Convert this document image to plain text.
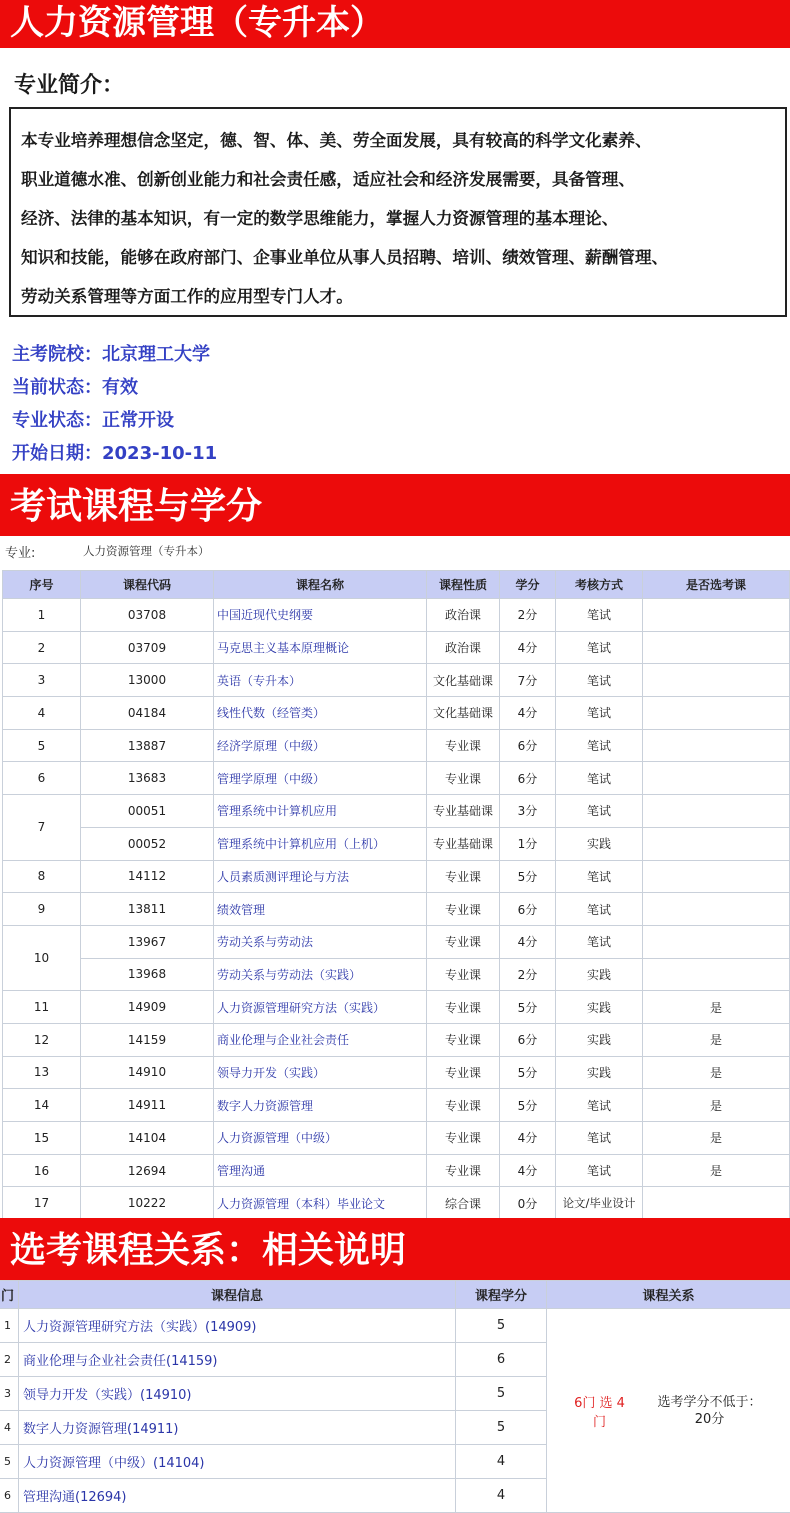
人力资源管理（专升本）
专业简介：
本专业培养理想信念坚定，德、智、体、美、劳全面发展，具有较高的科学文化素养、
职业道德水准、创新创业能力和社会责任感，适应社会和经济发展需要，具备管理、
经济、法律的基本知识，有一定的数学思维能力，掌握人力资源管理的基本理论、
知识和技能，能够在政府部门、企事业单位从事人员招聘、培训、绩效管理、薪酬管理、
劳动关系管理等方面工作的应用型专门人才。
主考院校：北京理工大学
当前状态：有效
专业状态：正常开设
开始日期：2023-10-11
考试课程与学分
专业:	人力资源管理（专升本）
序号	课程代码	课程名称	课程性质	学分	考核方式	是否选考课
1	03708	中国近现代史纲要	政治课	2分	笔试	
2	03709	马克思主义基本原理概论	政治课	4分	笔试	
3	13000	英语（专升本）	文化基础课	7分	笔试	
4	04184	线性代数（经管类）	文化基础课	4分	笔试	
5	13887	经济学原理（中级）	专业课	6分	笔试	
6	13683	管理学原理（中级）	专业课	6分	笔试	
7	00051	管理系统中计算机应用	专业基础课	3分	笔试	
	00052	管理系统中计算机应用（上机）	专业基础课	1分	实践	
8	14112	人员素质测评理论与方法	专业课	5分	笔试	
9	13811	绩效管理	专业课	6分	笔试	
10	13967	劳动关系与劳动法	专业课	4分	笔试	
	13968	劳动关系与劳动法（实践）	专业课	2分	实践	
11	14909	人力资源管理研究方法（实践）	专业课	5分	实践	是
12	14159	商业伦理与企业社会责任	专业课	6分	实践	是
13	14910	领导力开发（实践）	专业课	5分	实践	是
14	14911	数字人力资源管理	专业课	5分	笔试	是
15	14104	人力资源管理（中级）	专业课	4分	笔试	是
16	12694	管理沟通	专业课	4分	笔试	是
17	10222	人力资源管理（本科）毕业论文	综合课	0分	论文/毕业设计	
选考课程关系：相关说明
门	课程信息	课程学分	课程关系
1	人力资源管理研究方法（实践）(14909)	5	6门 选 4门选考学分不低于：20分
2	商业伦理与企业社会责任(14159)	6	
3	领导力开发（实践）(14910)	5	
4	数字人力资源管理(14911)	5	
5	人力资源管理（中级）(14104)	4	
6	管理沟通(12694)	4	
